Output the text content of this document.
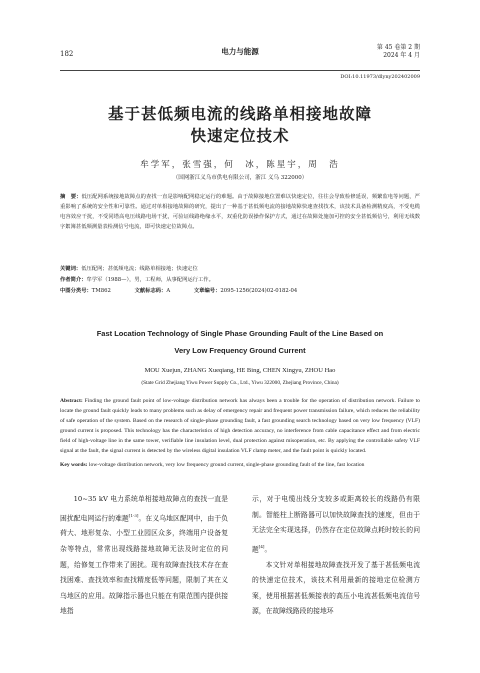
182	电力与能源	第 45 卷第 2 期
2024 年 4 月
DOI:10.11973/dlyny202402009
基于甚低频电流的线路单相接地故障
快速定位技术
牟学军，张雪强，何　冰，陈星宇，周　浩
（国网浙江义乌市供电有限公司，浙江 义乌 322000）
摘　要：低压配网系统接地故障点的查找一直是影响配网稳定运行的难题。由于故障接地位置难以快速定位，往往会导致检修延误，频繁监电等问题，严重影响了系统的安全性和可靠性。通过对单相接地故障的研究，提出了一种基于甚低频电流的接地故障快速查找技术，该技术具备检测精度高，不受电缆电容效应干扰，不受同塔高电压线路电场干扰，可验证线路绝缘水平，双重化防误操作保护方式，通过在故障处施加可控的安全甚低频信号，利用无线数字絮簿甚低频测量表检测信号电流，即可快速定位故障点。
关键词：低压配网；甚低频电流；线路单相接地；快速定位
作者简介：牟学军（1988—），男，工程师，从事配网运行工作。
中图分类号：TM862	文献标志码：A	文章编号：2095-1256(2024)02-0182-04
Fast Location Technology of Single Phase Grounding Fault of the Line Based on
Very Low Frequency Ground Current
MOU Xuejun, ZHANG Xueqiang, HE Bing, CHEN Xingyu, ZHOU Hao
(State Grid Zhejiang Yiwu Power Supply Co., Ltd., Yiwu 322000, Zhejiang Province, China)
Abstract: Finding the ground fault point of low-voltage distribution network has always been a trouble for the operation of distribution network. Failure to locate the ground fault quickly leads to many problems such as delay of emergency repair and frequent power transmission failure, which reduces the reliability of safe operation of the system. Based on the research of single-phase grounding fault, a fast grounding search technology based on very low frequency (VLF) ground current is proposed. This technology has the characteristics of high detection accuracy, no interference from cable capacitance effect and from electric field of high-voltage line in the same tower, verifiable line insulation level, dual protection against misoperation, etc. By applying the controllable safety VLF signal at the fault, the signal current is detected by the wireless digital insulation VLF clamp meter, and the fault point is quickly located.
Key words: low-voltage distribution network, very low frequency ground current, single-phase grounding fault of the line, fast location

10~35 kV 电力系统单相接地故障点的查找一直是困扰配电网运行的难题[1-3]。在义乌地区配网中，由于负荷大、地形复杂、小型工业园区众多，终端用户设备复杂等特点，常常出现线路接地故障无法及时定位的问题，给修复工作带来了困扰。现有故障查找技术存在查找困难、查找效率和查找精度低等问题，限制了其在义乌地区的应用。故障指示器也只能在有限范围内提供接地指

示，对于电缆出线分支较多或距离较长的线路仍有限制。智能柱上断路器可以加快故障查找的速度，但由于无法完全实现选择，仍然存在定位故障点耗时较长的问题[4]。

本文针对单相接地故障查找开发了基于甚低频电流的快速定位技术，该技术利用最新的接地定位检测方案，使用根据甚低频接表的高压小电流甚低频电流信号源，在故障线路段的接地环
